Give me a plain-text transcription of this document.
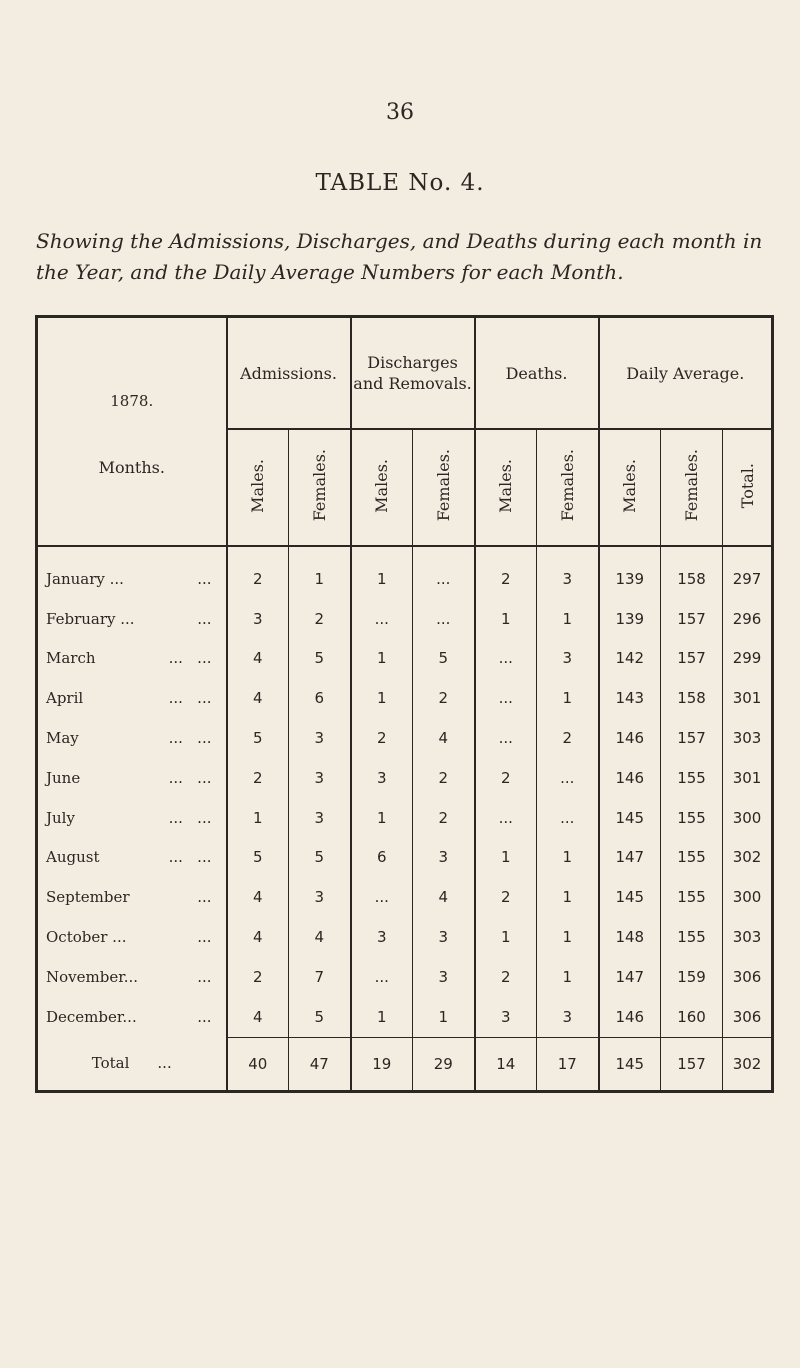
36
TABLE No. 4.
Showing the Admissions, Discharges, and Deaths during each month in the Year, and the Daily Average Numbers for each Month.
1878.
Months.	Admissions.		Discharges and Removals.		Deaths.		Daily Average.		
	Males.	Females.	Males.	Females.	Males.	Females.	Males.	Females.	Total.

January ... ...	2	1	1	...	2	3	139	158	297
February ... ...	3	2	...	...	1	1	139	157	296
March ...   ...	4	5	1	5	...	3	142	157	299
April ...   ...	4	6	1	2	...	1	143	158	301
May ...   ...	5	3	2	4	...	2	146	157	303
June ...   ...	2	3	3	2	2	...	146	155	301
July ...   ...	1	3	1	2	...	...	145	155	300
August ...   ...	5	5	6	3	1	1	147	155	302
September ...	4	3	...	4	2	1	145	155	300
October ... ...	4	4	3	3	1	1	148	155	303
November... ...	2	7	...	3	2	1	147	159	306
December... ...	4	5	1	1	3	3	146	160	306
Total ...	40	47	19	29	14	17	145	157	302
